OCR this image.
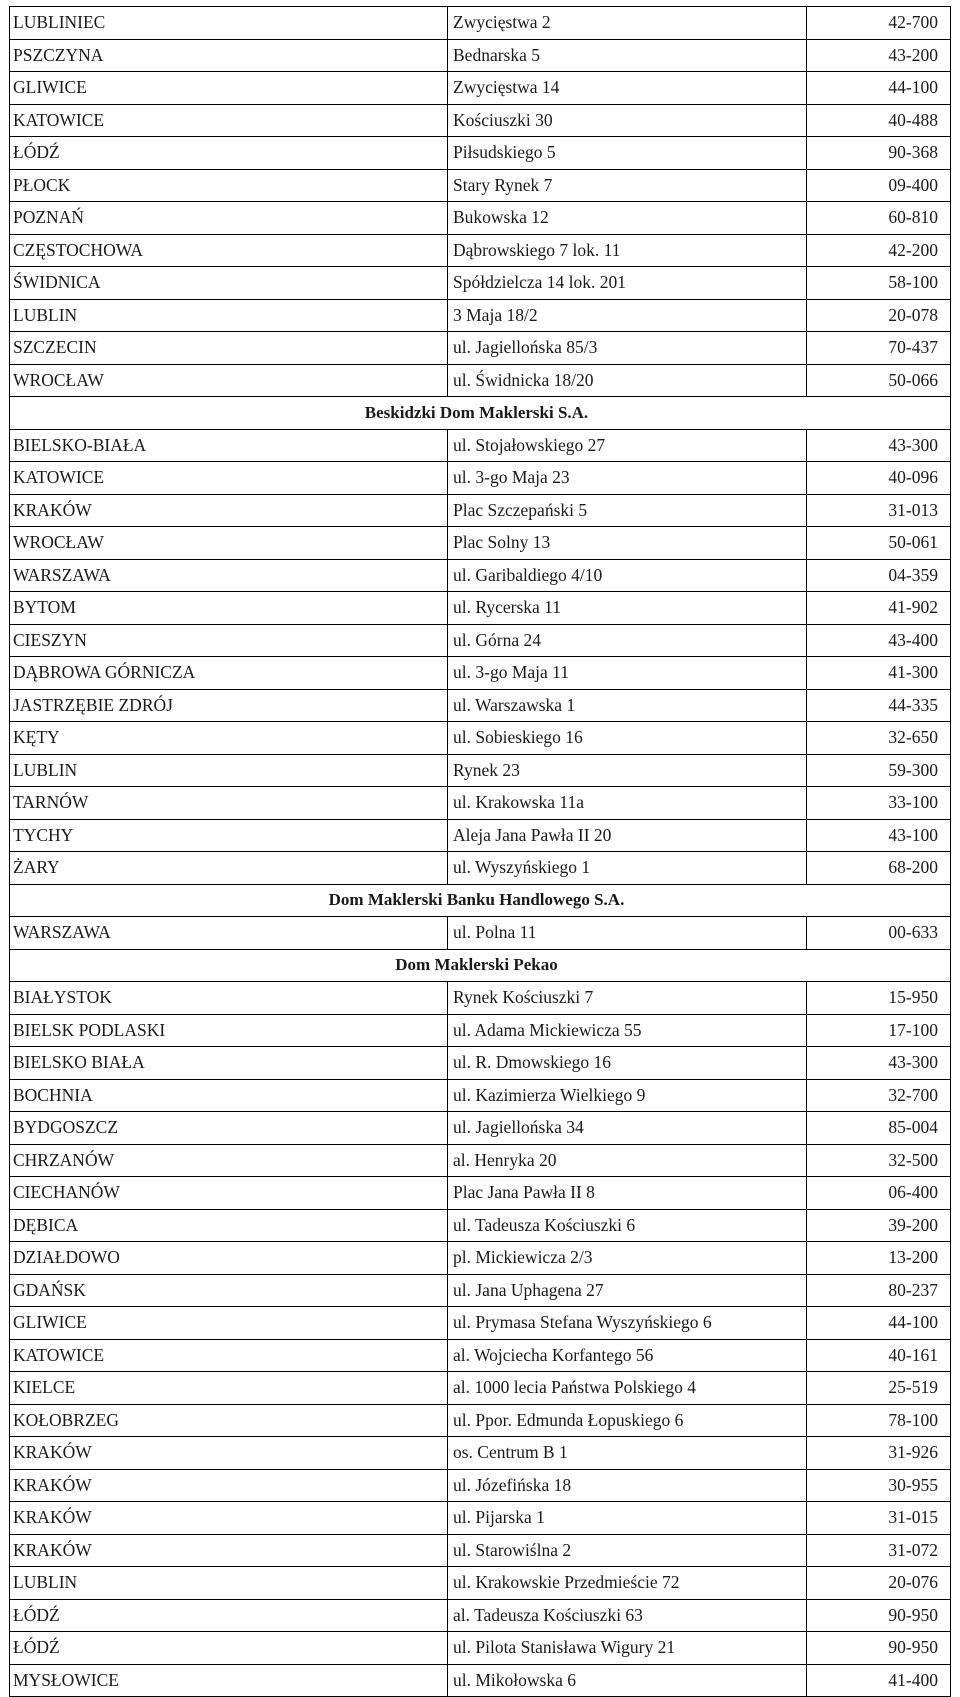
LUBLINIEC	Zwycięstwa 2	42-700
PSZCZYNA	Bednarska 5	43-200
GLIWICE	Zwycięstwa 14	44-100
KATOWICE	Kościuszki 30	40-488
ŁÓDŹ	Piłsudskiego 5	90-368
PŁOCK	Stary Rynek 7	09-400
POZNAŃ	Bukowska 12	60-810
CZĘSTOCHOWA	Dąbrowskiego 7 lok. 11	42-200
ŚWIDNICA	Spółdzielcza 14 lok. 201	58-100
LUBLIN	3 Maja 18/2	20-078
SZCZECIN	ul. Jagiellońska 85/3	70-437
WROCŁAW	ul. Świdnicka 18/20	50-066
Beskidzki Dom Maklerski S.A.		
BIELSKO-BIAŁA	ul. Stojałowskiego 27	43-300
KATOWICE	ul. 3-go Maja 23	40-096
KRAKÓW	Plac Szczepański 5	31-013
WROCŁAW	Plac Solny 13	50-061
WARSZAWA	ul. Garibaldiego 4/10	04-359
BYTOM	ul. Rycerska 11	41-902
CIESZYN	ul. Górna 24	43-400
DĄBROWA GÓRNICZA	ul. 3-go Maja 11	41-300
JASTRZĘBIE ZDRÓJ	ul. Warszawska 1	44-335
KĘTY	ul. Sobieskiego 16	32-650
LUBLIN	Rynek 23	59-300
TARNÓW	ul. Krakowska 11a	33-100
TYCHY	Aleja Jana Pawła II 20	43-100
ŻARY	ul. Wyszyńskiego 1	68-200
Dom Maklerski Banku Handlowego S.A.		
WARSZAWA	ul. Polna 11	00-633
Dom Maklerski Pekao		
BIAŁYSTOK	Rynek Kościuszki 7	15-950
BIELSK PODLASKI	ul. Adama Mickiewicza 55	17-100
BIELSKO BIAŁA	ul. R. Dmowskiego 16	43-300
BOCHNIA	ul. Kazimierza Wielkiego 9	32-700
BYDGOSZCZ	ul. Jagiellońska 34	85-004
CHRZANÓW	al. Henryka 20	32-500
CIECHANÓW	Plac Jana Pawła II 8	06-400
DĘBICA	ul. Tadeusza Kościuszki 6	39-200
DZIAŁDOWO	pl. Mickiewicza 2/3	13-200
GDAŃSK	ul. Jana Uphagena 27	80-237
GLIWICE	ul. Prymasa Stefana Wyszyńskiego 6	44-100
KATOWICE	al. Wojciecha Korfantego 56	40-161
KIELCE	al. 1000 lecia Państwa Polskiego 4	25-519
KOŁOBRZEG	ul. Ppor. Edmunda Łopuskiego 6	78-100
KRAKÓW	os. Centrum B 1	31-926
KRAKÓW	ul. Józefińska 18	30-955
KRAKÓW	ul. Pijarska 1	31-015
KRAKÓW	ul. Starowiślna 2	31-072
LUBLIN	ul. Krakowskie Przedmieście 72	20-076
ŁÓDŹ	al. Tadeusza Kościuszki 63	90-950
ŁÓDŹ	ul. Pilota Stanisława Wigury 21	90-950
MYSŁOWICE	ul. Mikołowska 6	41-400
